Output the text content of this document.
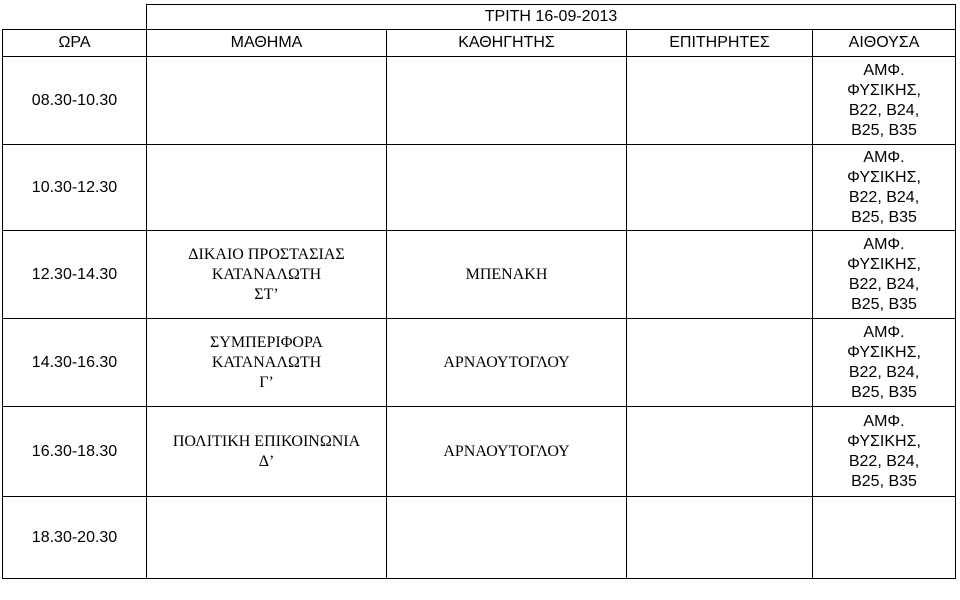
	ΤΡΙΤΗ 16-09-2013			
ΩΡΑ	ΜΑΘΗΜΑ	ΚΑΘΗΓΗΤΗΣ	ΕΠΙΤΗΡΗΤΕΣ	ΑΙΘΟΥΣΑ
08.30-10.30				ΑΜΦ.
ΦΥΣΙΚΗΣ,
Β22, Β24,
Β25, Β35

10.30-12.30				ΑΜΦ.
ΦΥΣΙΚΗΣ,
Β22, Β24,
Β25, Β35

12.30-14.30	ΔΙΚΑΙΟ ΠΡΟΣΤΑΣΙΑΣ
ΚΑΤΑΝΑΛΩΤΗ
ΣΤ’	ΜΠΕΝΑΚΗ		ΑΜΦ.
ΦΥΣΙΚΗΣ,
Β22, Β24,
Β25, Β35

14.30-16.30	ΣΥΜΠΕΡΙΦΟΡΑ
ΚΑΤΑΝΑΛΩΤΗ
Γ’	ΑΡΝΑΟΥΤΟΓΛΟΥ		ΑΜΦ.
ΦΥΣΙΚΗΣ,
Β22, Β24,
Β25, Β35

16.30-18.30	ΠΟΛΙΤΙΚΗ ΕΠΙΚΟΙΝΩΝΙΑ
Δ’	ΑΡΝΑΟΥΤΟΓΛΟΥ		ΑΜΦ.
ΦΥΣΙΚΗΣ,
Β22, Β24,
Β25, Β35

18.30-20.30	
